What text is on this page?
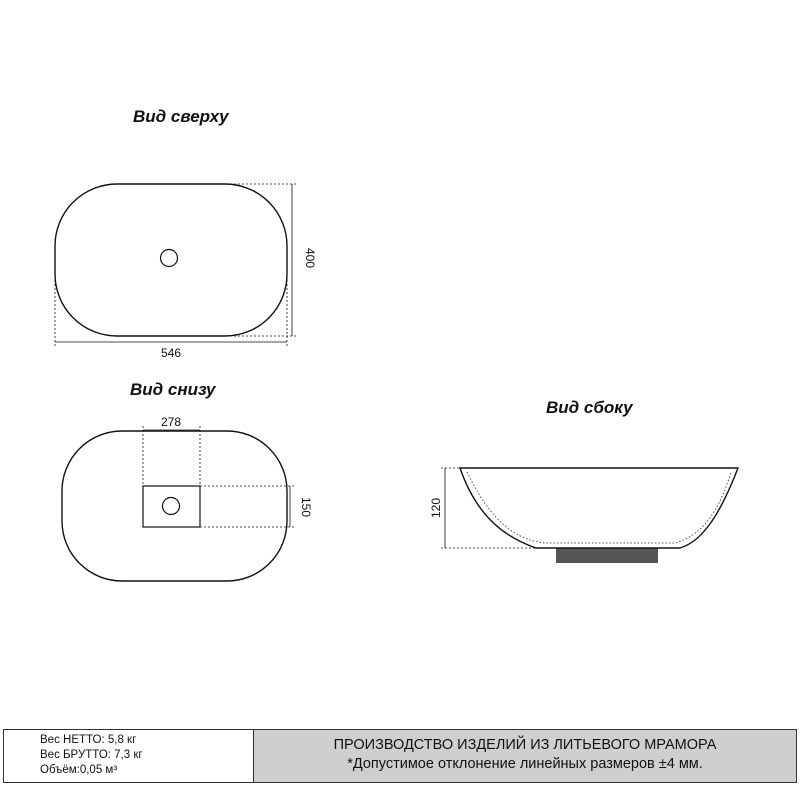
Вид сверху
Вид снизу
Вид сбоку
546
400
278
150	120
Вес НЕТТО: 5,8 кг
Вес БРУТТО: 7,3 кг
Объём:0,05 м³
ПРОИЗВОДСТВО ИЗДЕЛИЙ ИЗ ЛИТЬЕВОГО МРАМОРА
*Допустимое отклонение линейных размеров ±4 мм.
